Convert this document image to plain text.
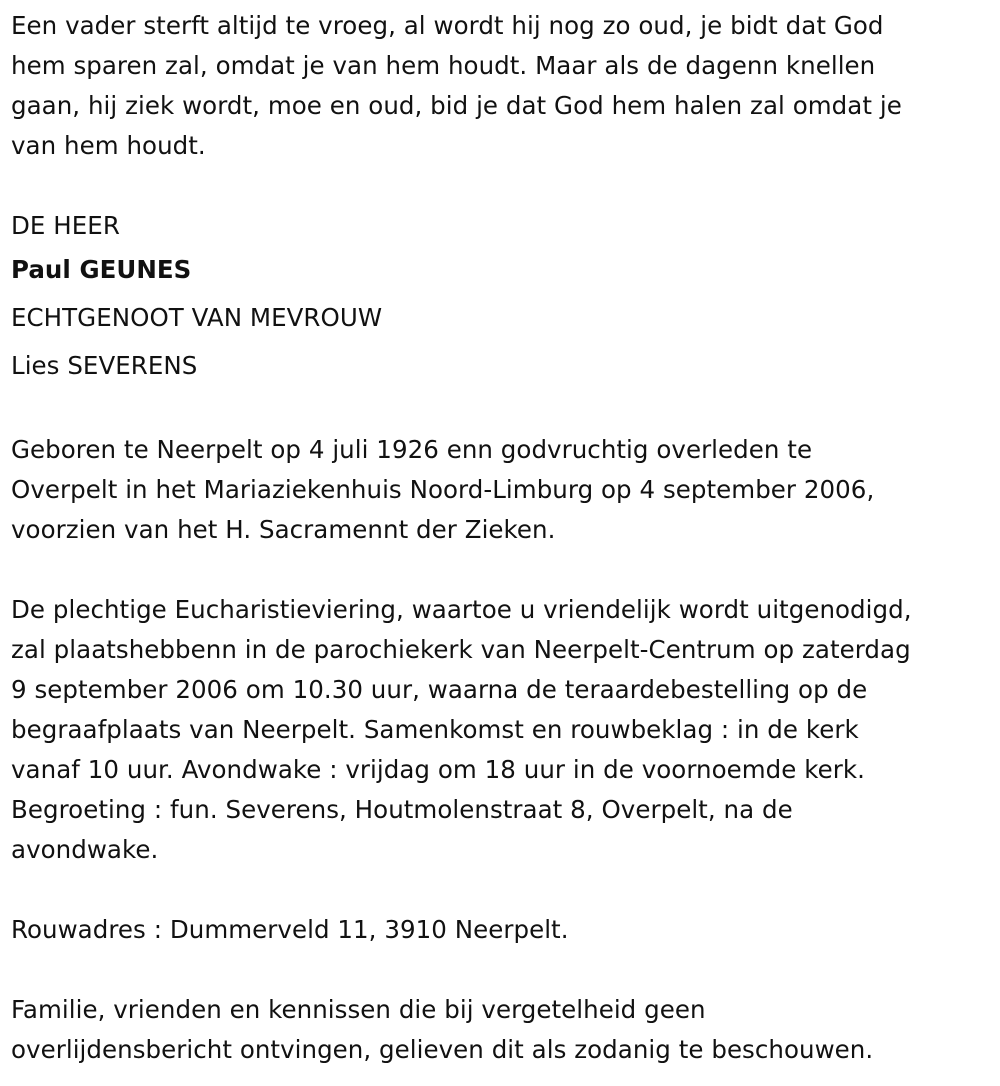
Een vader sterft altijd te vroeg, al wordt hij nog zo oud, je bidt dat God
hem sparen zal, omdat je van hem houdt. Maar als de dagenn knellen
gaan, hij ziek wordt, moe en oud, bid je dat God hem halen zal omdat je
van hem houdt.

DE HEER
Paul GEUNES
ECHTGENOOT VAN MEVROUW
Lies SEVERENS

Geboren te Neerpelt op 4 juli 1926 enn godvruchtig overleden te
Overpelt in het Mariaziekenhuis Noord-Limburg op 4 september 2006,
voorzien van het H. Sacramennt der Zieken.

De plechtige Eucharistieviering, waartoe u vriendelijk wordt uitgenodigd,
zal plaatshebbenn in de parochiekerk van Neerpelt-Centrum op zaterdag
9 september 2006 om 10.30 uur, waarna de teraardebestelling op de
begraafplaats van Neerpelt. Samenkomst en rouwbeklag : in de kerk
vanaf 10 uur. Avondwake : vrijdag om 18 uur in de voornoemde kerk.
Begroeting : fun. Severens, Houtmolenstraat 8, Overpelt, na de
avondwake.

Rouwadres : Dummerveld 11, 3910 Neerpelt.

Familie, vrienden en kennissen die bij vergetelheid geen
overlijdensbericht ontvingen, gelieven dit als zodanig te beschouwen.
